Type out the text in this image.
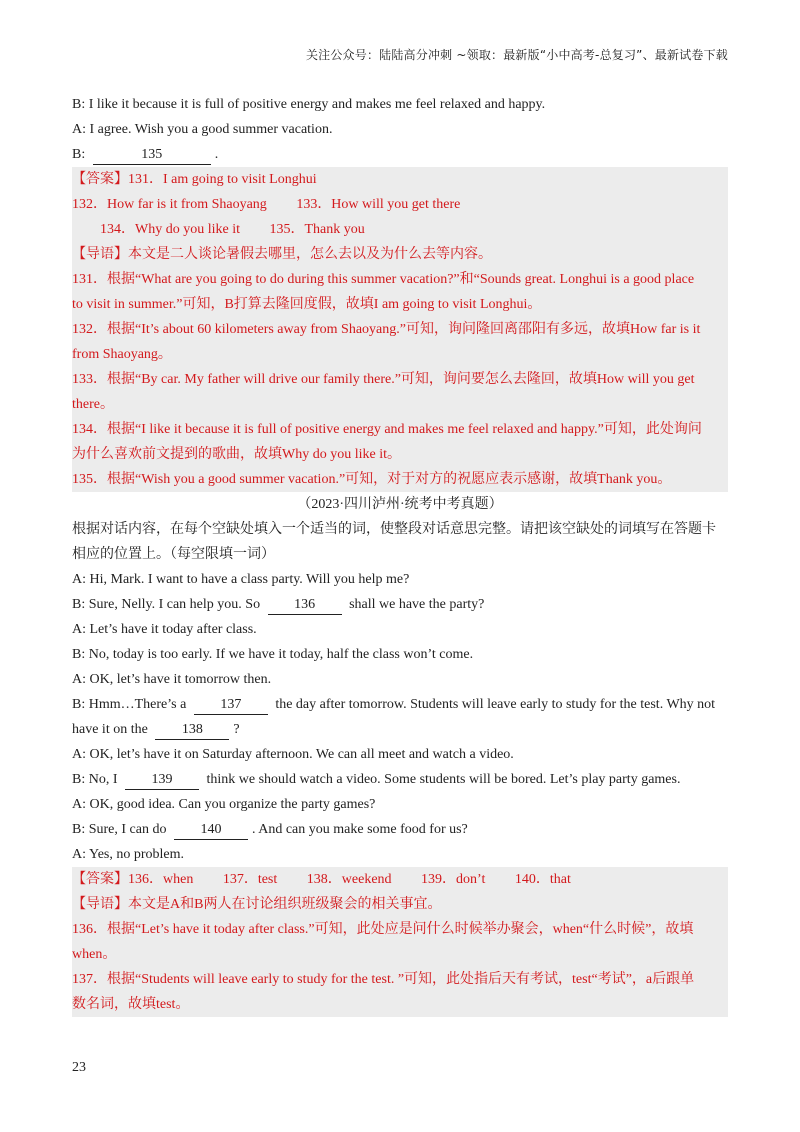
关注公众号：陆陆高分冲刺 ~领取：最新版“小中高考-总复习”、最新试卷下载
B: I like it because it is full of positive energy and makes me feel relaxed and happy.
A: I agree. Wish you a good summer vacation.
B:	135	.
【答案】131．I am going to visit Longhui
132．How far is it from Shaoyang 133．How will you get there
134．Why do you like it 135．Thank you
【导语】本文是二人谈论暑假去哪里，怎么去以及为什么去等内容。
131．根据“What are you going to do during this summer vacation?”和“Sounds great. Longhui is a good place
to visit in summer.”可知，B打算去隆回度假，故填I am going to visit Longhui。
132．根据“It’s about 60 kilometers away from Shaoyang.”可知，询问隆回离邵阳有多远，故填How far is it
from Shaoyang。
133．根据“By car. My father will drive our family there.”可知，询问要怎么去隆回，故填How will you get
there。
134．根据“I like it because it is full of positive energy and makes me feel relaxed and happy.”可知，此处询问
为什么喜欢前文提到的歌曲，故填Why do you like it。
135．根据“Wish you a good summer vacation.”可知，对于对方的祝愿应表示感谢，故填Thank you。
（2023·四川泸州·统考中考真题）
根据对话内容，在每个空缺处填入一个适当的词，使整段对话意思完整。请把该空缺处的词填写在答题卡
相应的位置上。（每空限填一词）
A: Hi, Mark. I want to have a class party. Will you help me?
B: Sure, Nelly. I can help you. So 136 shall we have the party?
A: Let’s have it today after class.
B: No, today is too early. If we have it today, half the class won’t come.
A: OK, let’s have it tomorrow then.
B: Hmm…There’s a 137 the day after tomorrow. Students will leave early to study for the test. Why not
have it on the 138 ?
A: OK, let’s have it on Saturday afternoon. We can all meet and watch a video.
B: No, I 139 think we should watch a video. Some students will be bored. Let’s play party games.
A: OK, good idea. Can you organize the party games?
B: Sure, I can do 140 . And can you make some food for us?
A: Yes, no problem.
【答案】136．when 137．test 138．weekend 139．don’t 140．that
【导语】本文是A和B两人在讨论组织班级聚会的相关事宜。
136．根据“Let’s have it today after class.”可知，此处应是问什么时候举办聚会，when“什么时候”，故填
when。
137．根据“Students will leave early to study for the test. ”可知，此处指后天有考试，test“考试”，a后跟单
数名词，故填test。
23
